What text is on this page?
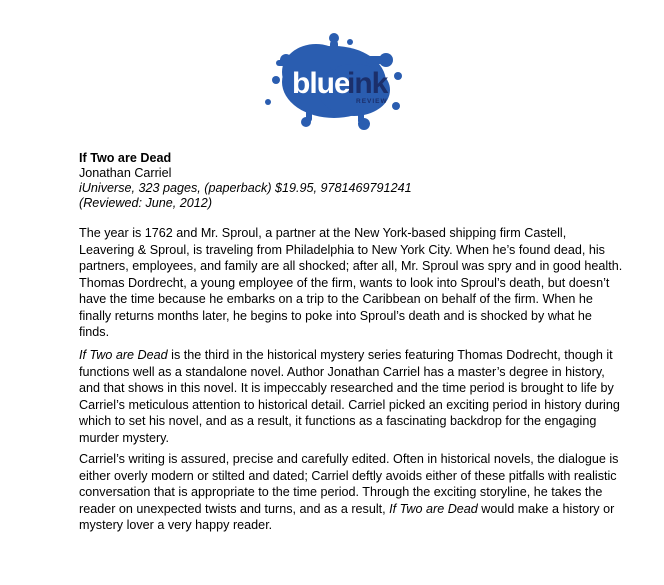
blue
ink
REVIEW
If Two are Dead
Jonathan Carriel
iUniverse, 323 pages, (paperback) $19.95, 9781469791241
(Reviewed: June, 2012)

The year is 1762 and Mr. Sproul, a partner at the New York-based shipping firm Castell, Leavering & Sproul, is traveling from Philadelphia to New York City. When he’s found dead, his partners, employees, and family are all shocked; after all, Mr. Sproul was spry and in good health. Thomas Dordrecht, a young employee of the firm, wants to look into Sproul’s death, but doesn’t have the time because he embarks on a trip to the Caribbean on behalf of the firm. When he finally returns months later, he begins to poke into Sproul’s death and is shocked by what he finds.

If Two are Dead is the third in the historical mystery series featuring Thomas Dodrecht, though it functions well as a standalone novel. Author Jonathan Carriel has a master’s degree in history, and that shows in this novel. It is impeccably researched and the time period is brought to life by Carriel’s meticulous attention to historical detail. Carriel picked an exciting period in history during which to set his novel, and as a result, it functions as a fascinating backdrop for the engaging murder mystery.

Carriel’s writing is assured, precise and carefully edited. Often in historical novels, the dialogue is either overly modern or stilted and dated; Carriel deftly avoids either of these pitfalls with realistic conversation that is appropriate to the time period. Through the exciting storyline, he takes the reader on unexpected twists and turns, and as a result, If Two are Dead would make a history or mystery lover a very happy reader.
